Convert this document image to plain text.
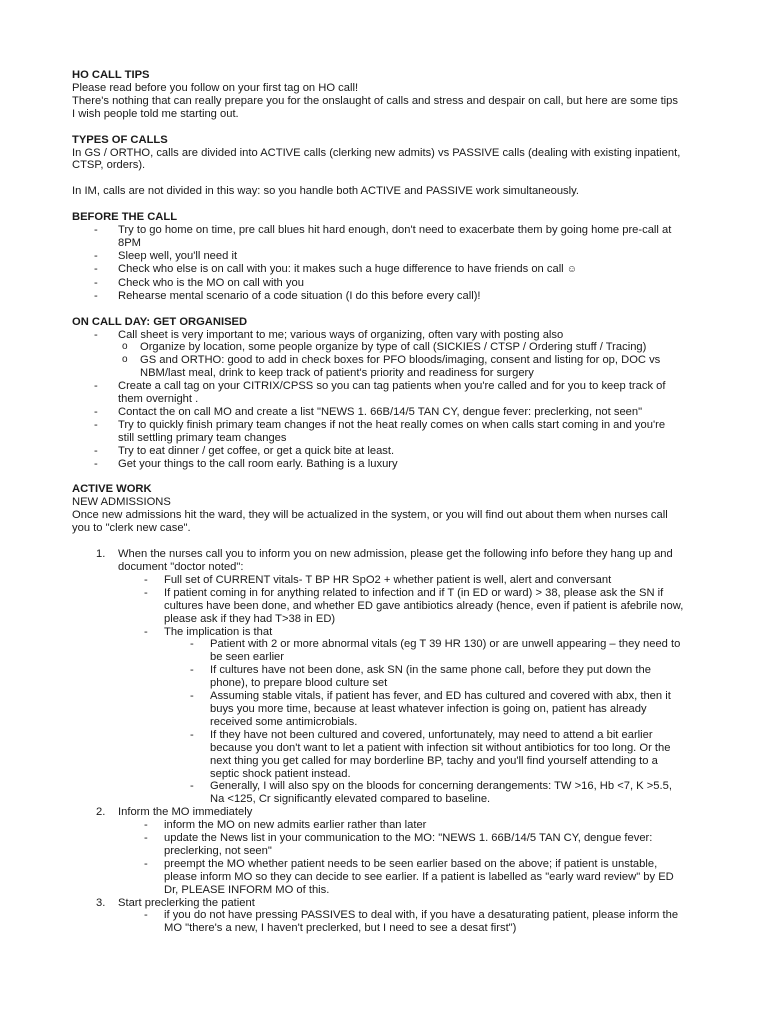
HO CALL TIPS

Please read before you follow on your first tag on HO call!

There's nothing that can really prepare you for the onslaught of calls and stress and despair on call, but here are some tips I wish people told me starting out.

TYPES OF CALLS

In GS / ORTHO, calls are divided into ACTIVE calls (clerking new admits) vs PASSIVE calls (dealing with existing inpatient, CTSP, orders).

In IM, calls are not divided in this way: so you handle both ACTIVE and PASSIVE work simultaneously.

BEFORE THE CALL

- Try to go home on time, pre call blues hit hard enough, don't need to exacerbate them by going home pre-call at 8PM
- Sleep well, you'll need it
- Check who else is on call with you: it makes such a huge difference to have friends on call ☺
- Check who is the MO on call with you
- Rehearse mental scenario of a code situation (I do this before every call)!

ON CALL DAY: GET ORGANISED

- Call sheet is very important to me; various ways of organizing, often vary with posting also
o Organize by location, some people organize by type of call (SICKIES / CTSP / Ordering stuff / Tracing)
o GS and ORTHO: good to add in check boxes for PFO bloods/imaging, consent and listing for op, DOC vs NBM/last meal, drink to keep track of patient's priority and readiness for surgery
- Create a call tag on your CITRIX/CPSS so you can tag patients when you're called and for you to keep track of them overnight .
- Contact the on call MO and create a list "NEWS 1. 66B/14/5 TAN CY, dengue fever: preclerking, not seen"
- Try to quickly finish primary team changes if not the heat really comes on when calls start coming in and you're still settling primary team changes
- Try to eat dinner / get coffee, or get a quick bite at least.
- Get your things to the call room early. Bathing is a luxury

ACTIVE WORK

NEW ADMISSIONS

Once new admissions hit the ward, they will be actualized in the system, or you will find out about them when nurses call you to "clerk new case".

1. When the nurses call you to inform you on new admission, please get the following info before they hang up and document "doctor noted":
- Full set of CURRENT vitals- T BP HR SpO2 + whether patient is well, alert and conversant
- If patient coming in for anything related to infection and if T (in ED or ward) > 38, please ask the SN if cultures have been done, and whether ED gave antibiotics already (hence, even if patient is afebrile now, please ask if they had T>38 in ED)
- The implication is that
- Patient with 2 or more abnormal vitals (eg T 39 HR 130) or are unwell appearing – they need to be seen earlier
- If cultures have not been done, ask SN (in the same phone call, before they put down the phone), to prepare blood culture set
- Assuming stable vitals, if patient has fever, and ED has cultured and covered with abx, then it buys you more time, because at least whatever infection is going on, patient has already received some antimicrobials.
- If they have not been cultured and covered, unfortunately, may need to attend a bit earlier because you don't want to let a patient with infection sit without antibiotics for too long. Or the next thing you get called for may borderline BP, tachy and you'll find yourself attending to a septic shock patient instead.
- Generally, I will also spy on the bloods for concerning derangements: TW >16, Hb <7, K >5.5, Na <125, Cr significantly elevated compared to baseline.
2. Inform the MO immediately
- inform the MO on new admits earlier rather than later
- update the News list in your communication to the MO: "NEWS 1. 66B/14/5 TAN CY, dengue fever: preclerking, not seen"
- preempt the MO whether patient needs to be seen earlier based on the above; if patient is unstable, please inform MO so they can decide to see earlier. If a patient is labelled as "early ward review" by ED Dr, PLEASE INFORM MO of this.
3. Start preclerking the patient
- if you do not have pressing PASSIVES to deal with, if you have a desaturating patient, please inform the MO "there's a new, I haven't preclerked, but I need to see a desat first")
